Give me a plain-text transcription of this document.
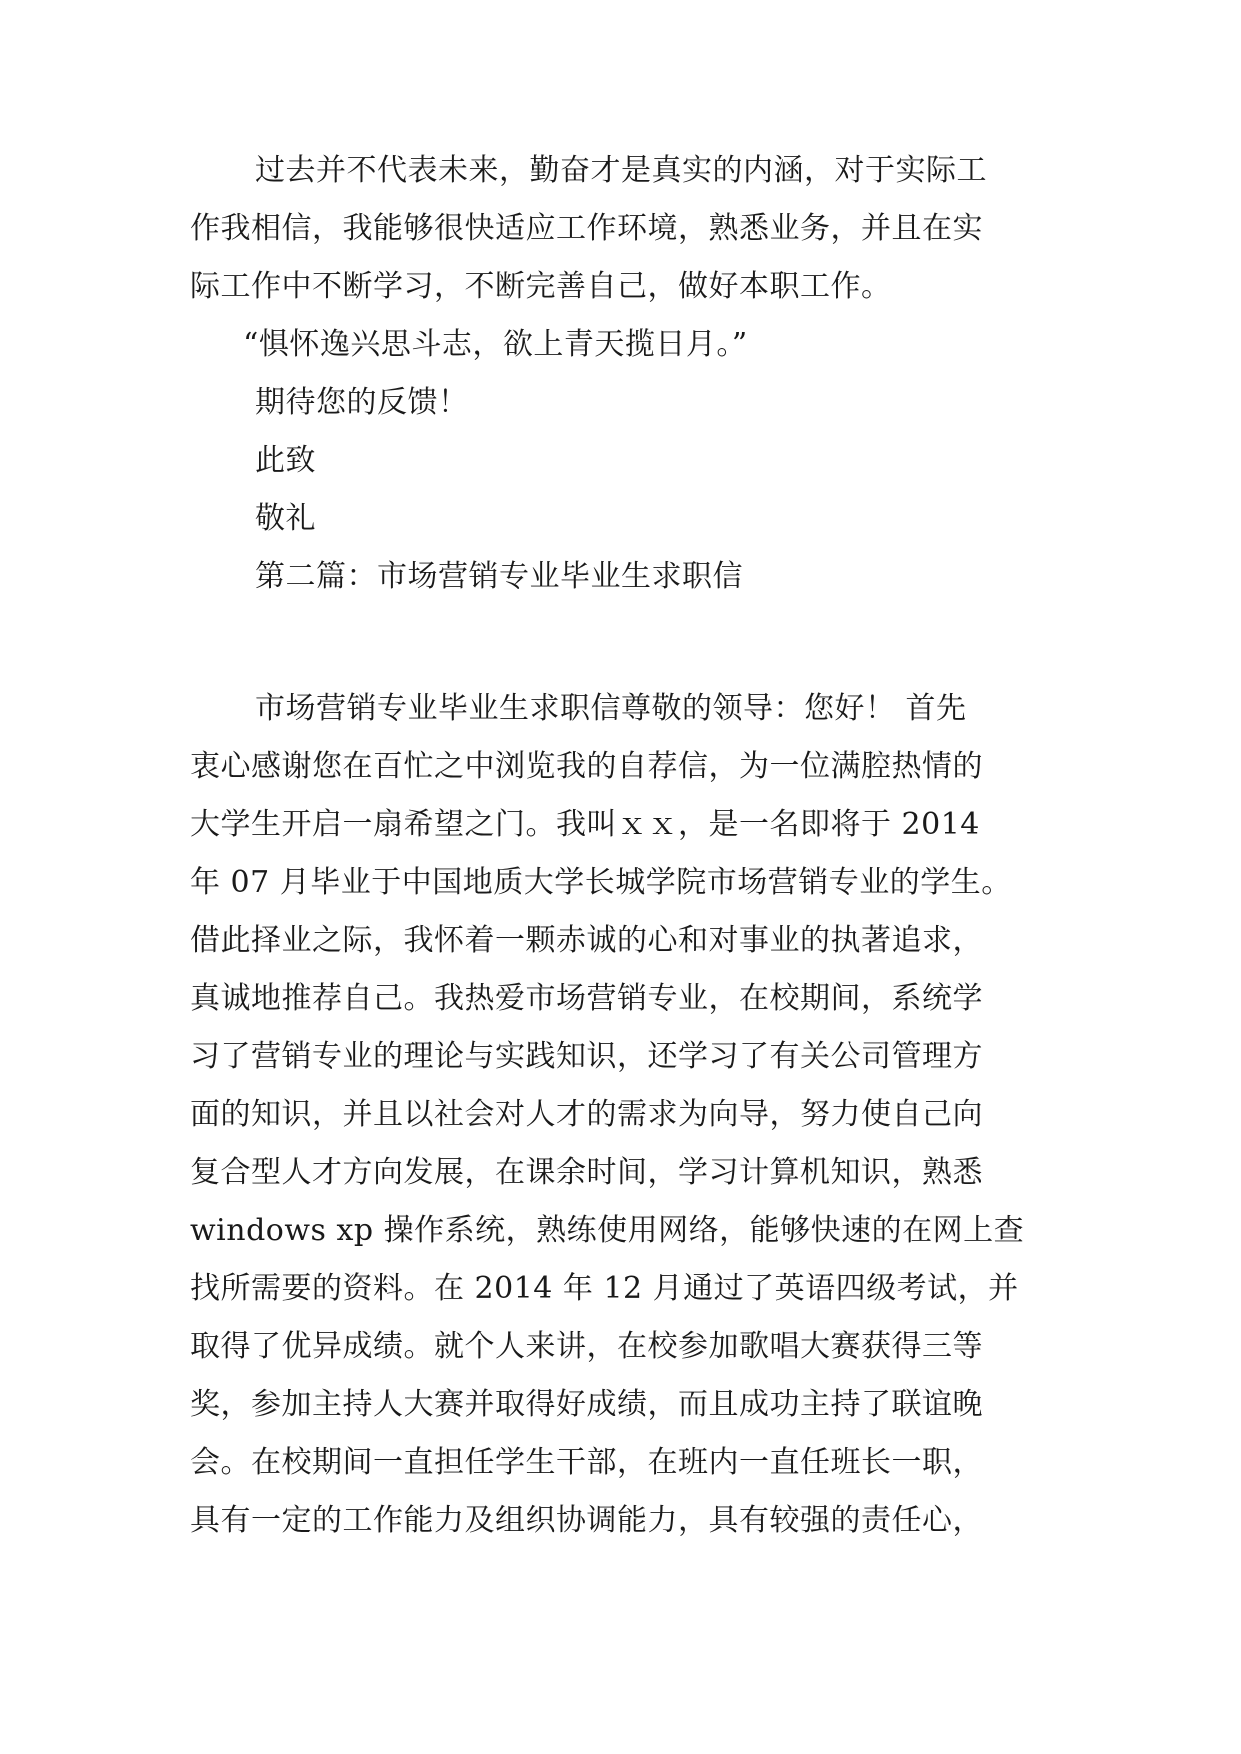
过去并不代表未来，勤奋才是真实的内涵，对于实际工
作我相信，我能够很快适应工作环境，熟悉业务，并且在实
际工作中不断学习，不断完善自己，做好本职工作。
“惧怀逸兴思斗志，欲上青天揽日月。”
期待您的反馈！
此致
敬礼
第二篇：市场营销专业毕业生求职信
市场营销专业毕业生求职信尊敬的领导：您好！ 首先
衷心感谢您在百忙之中浏览我的自荐信，为一位满腔热情的
大学生开启一扇希望之门。我叫ｘｘ，是一名即将于 2014
年 07 月毕业于中国地质大学长城学院市场营销专业的学生。
借此择业之际，我怀着一颗赤诚的心和对事业的执著追求，
真诚地推荐自己。我热爱市场营销专业，在校期间，系统学
习了营销专业的理论与实践知识，还学习了有关公司管理方
面的知识，并且以社会对人才的需求为向导，努力使自己向
复合型人才方向发展，在课余时间，学习计算机知识，熟悉
windows xp 操作系统，熟练使用网络，能够快速的在网上查
找所需要的资料。在 2014 年 12 月通过了英语四级考试，并
取得了优异成绩。就个人来讲，在校参加歌唱大赛获得三等
奖，参加主持人大赛并取得好成绩，而且成功主持了联谊晚
会。在校期间一直担任学生干部，在班内一直任班长一职，
具有一定的工作能力及组织协调能力，具有较强的责任心，
